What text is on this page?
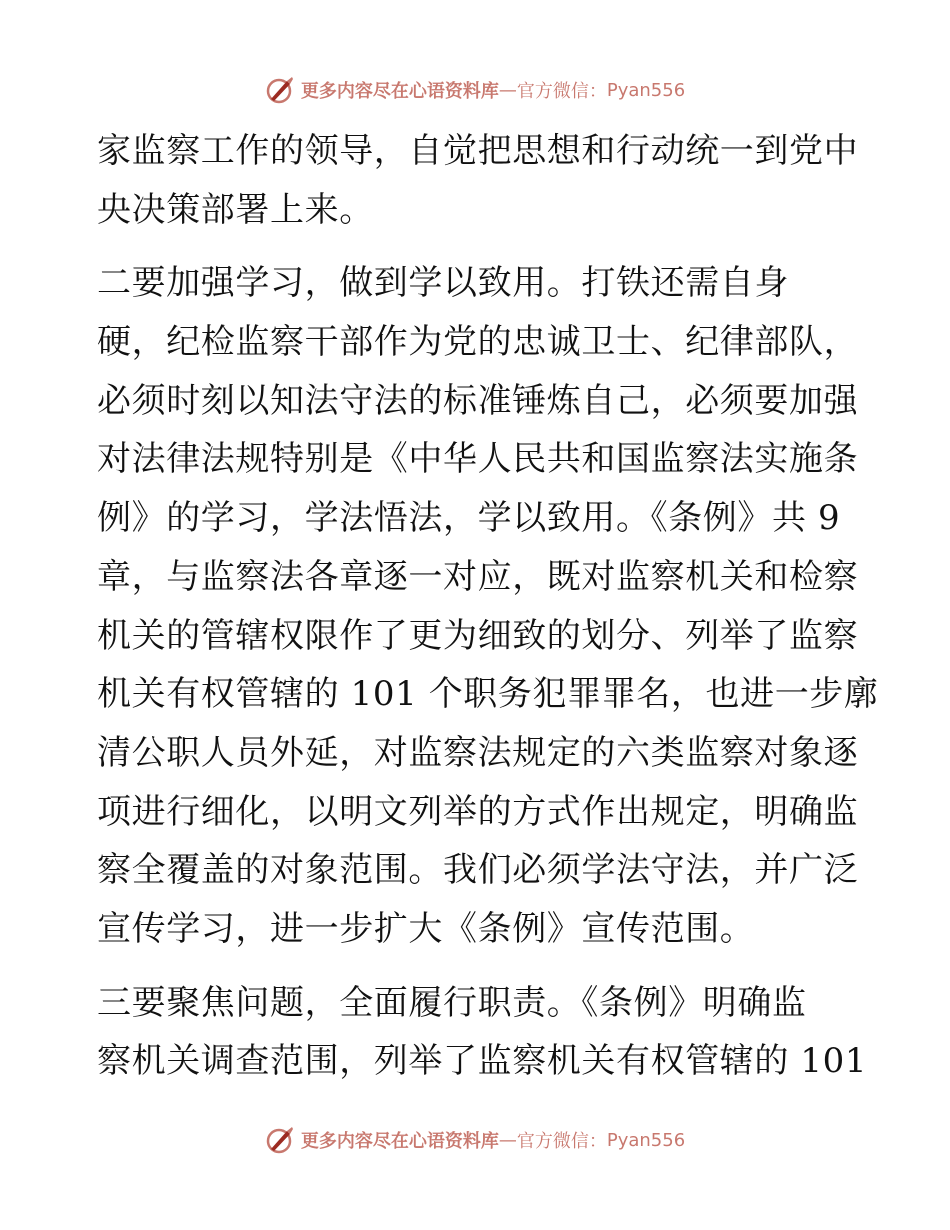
更多内容尽在心语资料库 — 官方微信： Pyan556
家监察工作的领导，自觉把思想和行动统一到党中
央决策部署上来。
二要加强学习，做到学以致用。打铁还需自身
硬，纪检监察干部作为党的忠诚卫士、纪律部队，
必须时刻以知法守法的标准锤炼自己，必须要加强
对法律法规特别是《中华人民共和国监察法实施条
例》的学习，学法悟法，学以致用。《条例》共 9
章，与监察法各章逐一对应，既对监察机关和检察
机关的管辖权限作了更为细致的划分、列举了监察
机关有权管辖的 101 个职务犯罪罪名，也进一步廓
清公职人员外延，对监察法规定的六类监察对象逐
项进行细化，以明文列举的方式作出规定，明确监
察全覆盖的对象范围。我们必须学法守法，并广泛
宣传学习，进一步扩大《条例》宣传范围。
三要聚焦问题，全面履行职责。《条例》明确监
察机关调查范围，列举了监察机关有权管辖的 101
更多内容尽在心语资料库 — 官方微信： Pyan556
